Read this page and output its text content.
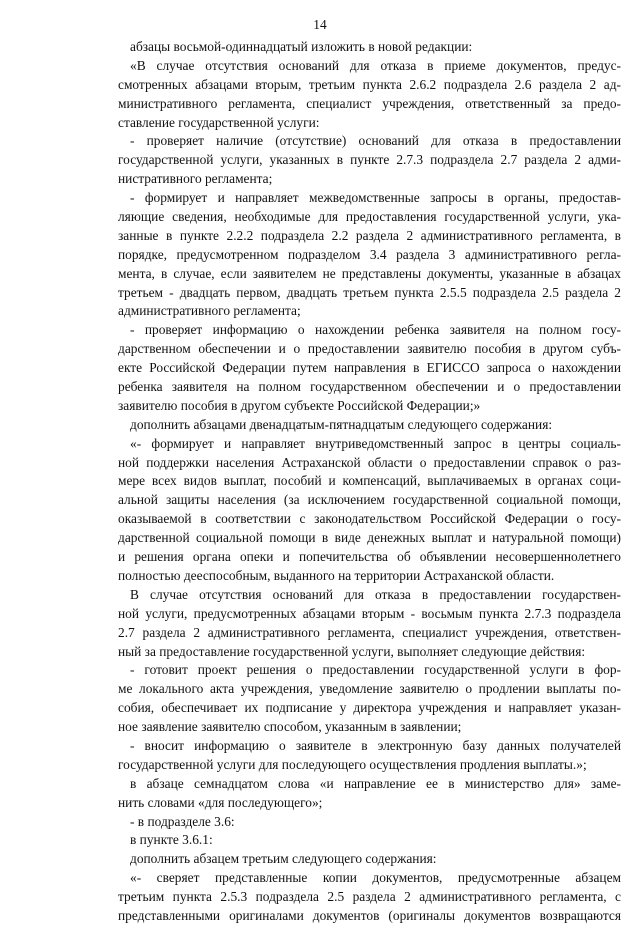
14
абзацы восьмой-одиннадцатый изложить в новой редакции:
«В случае отсутствия оснований для отказа в приеме документов, предус-
смотренных абзацами вторым, третьим пункта 2.6.2 подраздела 2.6 раздела 2 ад-
министративного регламента, специалист учреждения, ответственный за предо-
ставление государственной услуги:
- проверяет наличие (отсутствие) оснований для отказа в предоставлении
государственной услуги, указанных в пункте 2.7.3 подраздела 2.7 раздела 2 адми-
нистративного регламента;
- формирует и направляет межведомственные запросы в органы, предостав-
ляющие сведения, необходимые для предоставления государственной услуги, ука-
занные в пункте 2.2.2 подраздела 2.2 раздела 2 административного регламента, в
порядке, предусмотренном подразделом 3.4 раздела 3 административного регла-
мента, в случае, если заявителем не представлены документы, указанные в абзацах
третьем - двадцать первом, двадцать третьем пункта 2.5.5 подраздела 2.5 раздела 2
административного регламента;
- проверяет информацию о нахождении ребенка заявителя на полном госу-
дарственном обеспечении и о предоставлении заявителю пособия в другом субъ-
екте Российской Федерации путем направления в ЕГИССО запроса о нахождении
ребенка заявителя на полном государственном обеспечении и о предоставлении
заявителю пособия в другом субъекте Российской Федерации;»
дополнить абзацами двенадцатым-пятнадцатым следующего содержания:
«- формирует и направляет внутриведомственный запрос в центры социаль-
ной поддержки населения Астраханской области о предоставлении справок о раз-
мере всех видов выплат, пособий и компенсаций, выплачиваемых в органах соци-
альной защиты населения (за исключением государственной социальной помощи,
оказываемой в соответствии с законодательством Российской Федерации о госу-
дарственной социальной помощи в виде денежных выплат и натуральной помощи)
и решения органа опеки и попечительства об объявлении несовершеннолетнего
полностью дееспособным, выданного на территории Астраханской области.
В случае отсутствия оснований для отказа в предоставлении государствен-
ной услуги, предусмотренных абзацами вторым - восьмым пункта 2.7.3 подраздела
2.7 раздела 2 административного регламента, специалист учреждения, ответствен-
ный за предоставление государственной услуги, выполняет следующие действия:
- готовит проект решения о предоставлении государственной услуги в фор-
ме локального акта учреждения, уведомление заявителю о продлении выплаты по-
собия, обеспечивает их подписание у директора учреждения и направляет указан-
ное заявление заявителю способом, указанным в заявлении;
- вносит информацию о заявителе в электронную базу данных получателей
государственной услуги для последующего осуществления продления выплаты.»;
в абзаце семнадцатом слова «и направление ее в министерство для» заме-
нить словами «для последующего»;
- в подразделе 3.6:
в пункте 3.6.1:
дополнить абзацем третьим следующего содержания:
«- сверяет представленные копии документов, предусмотренные абзацем
третьим пункта 2.5.3 подраздела 2.5 раздела 2 административного регламента, с
представленными оригиналами документов (оригиналы документов возвращаются
